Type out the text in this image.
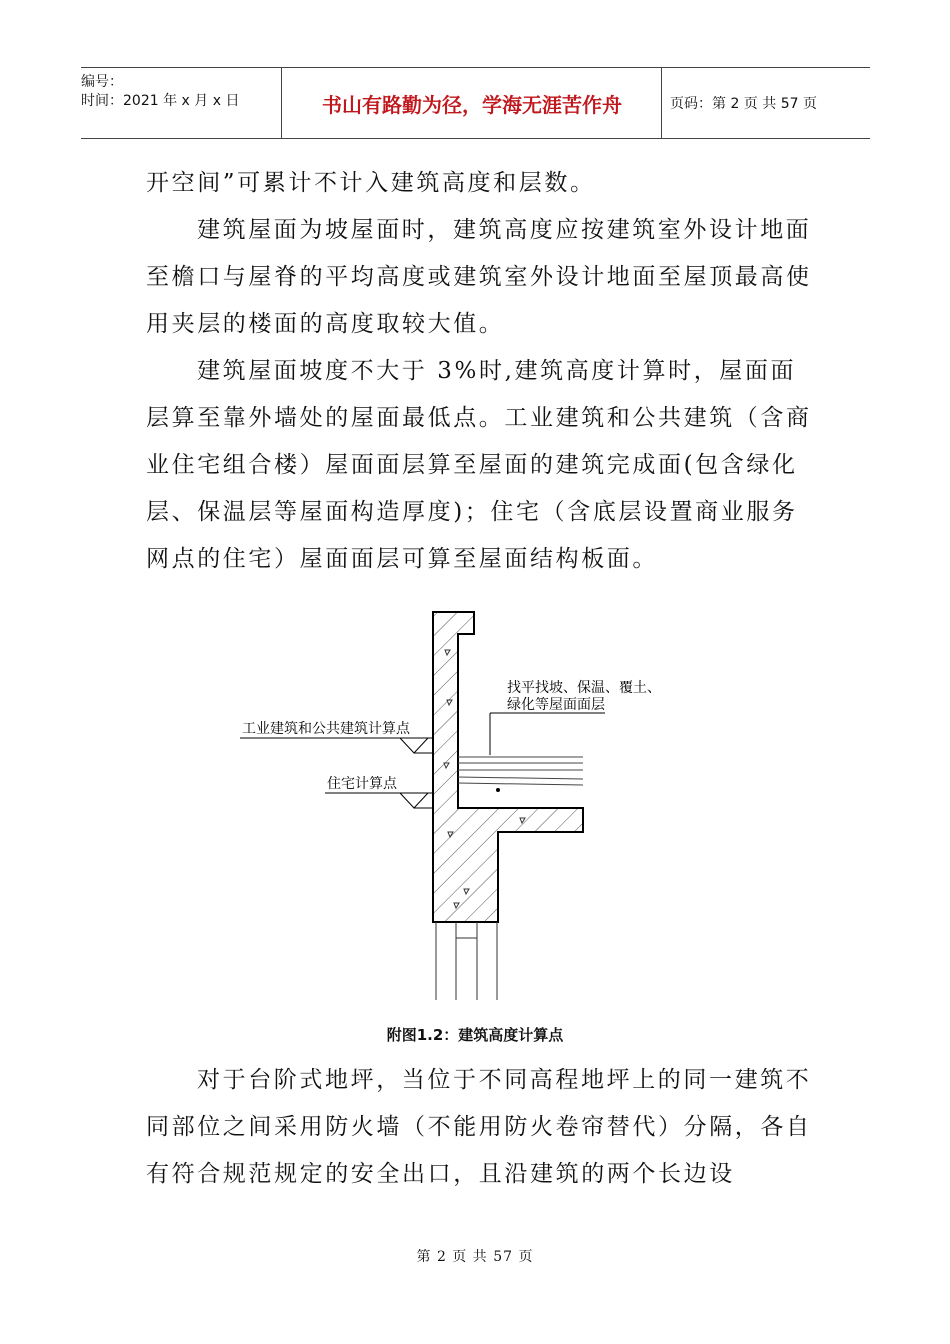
编号：
时间：2021 年 x 月 x 日	书山有路勤为径，学海无涯苦作舟	页码：第 2 页 共 57 页

开空间”可累计不计入建筑高度和层数。

建筑屋面为坡屋面时，建筑高度应按建筑室外设计地面至檐口与屋脊的平均高度或建筑室外设计地面至屋顶最高使用夹层的楼面的高度取较大值。

建筑屋面坡度不大于 3%时,建筑高度计算时，屋面面层算至靠外墙处的屋面最低点。工业建筑和公共建筑（含商业住宅组合楼）屋面面层算至屋面的建筑完成面(包含绿化层、保温层等屋面构造厚度)；住宅（含底层设置商业服务网点的住宅）屋面面层可算至屋面结构板面。

找平找坡、保温、覆土、
绿化等屋面面层
工业建筑和公共建筑计算点
住宅计算点
附图1.2：建筑高度计算点

对于台阶式地坪，当位于不同高程地坪上的同一建筑不同部位之间采用防火墙（不能用防火卷帘替代）分隔，各自有符合规范规定的安全出口，且沿建筑的两个长边设

第 2 页 共 57 页
